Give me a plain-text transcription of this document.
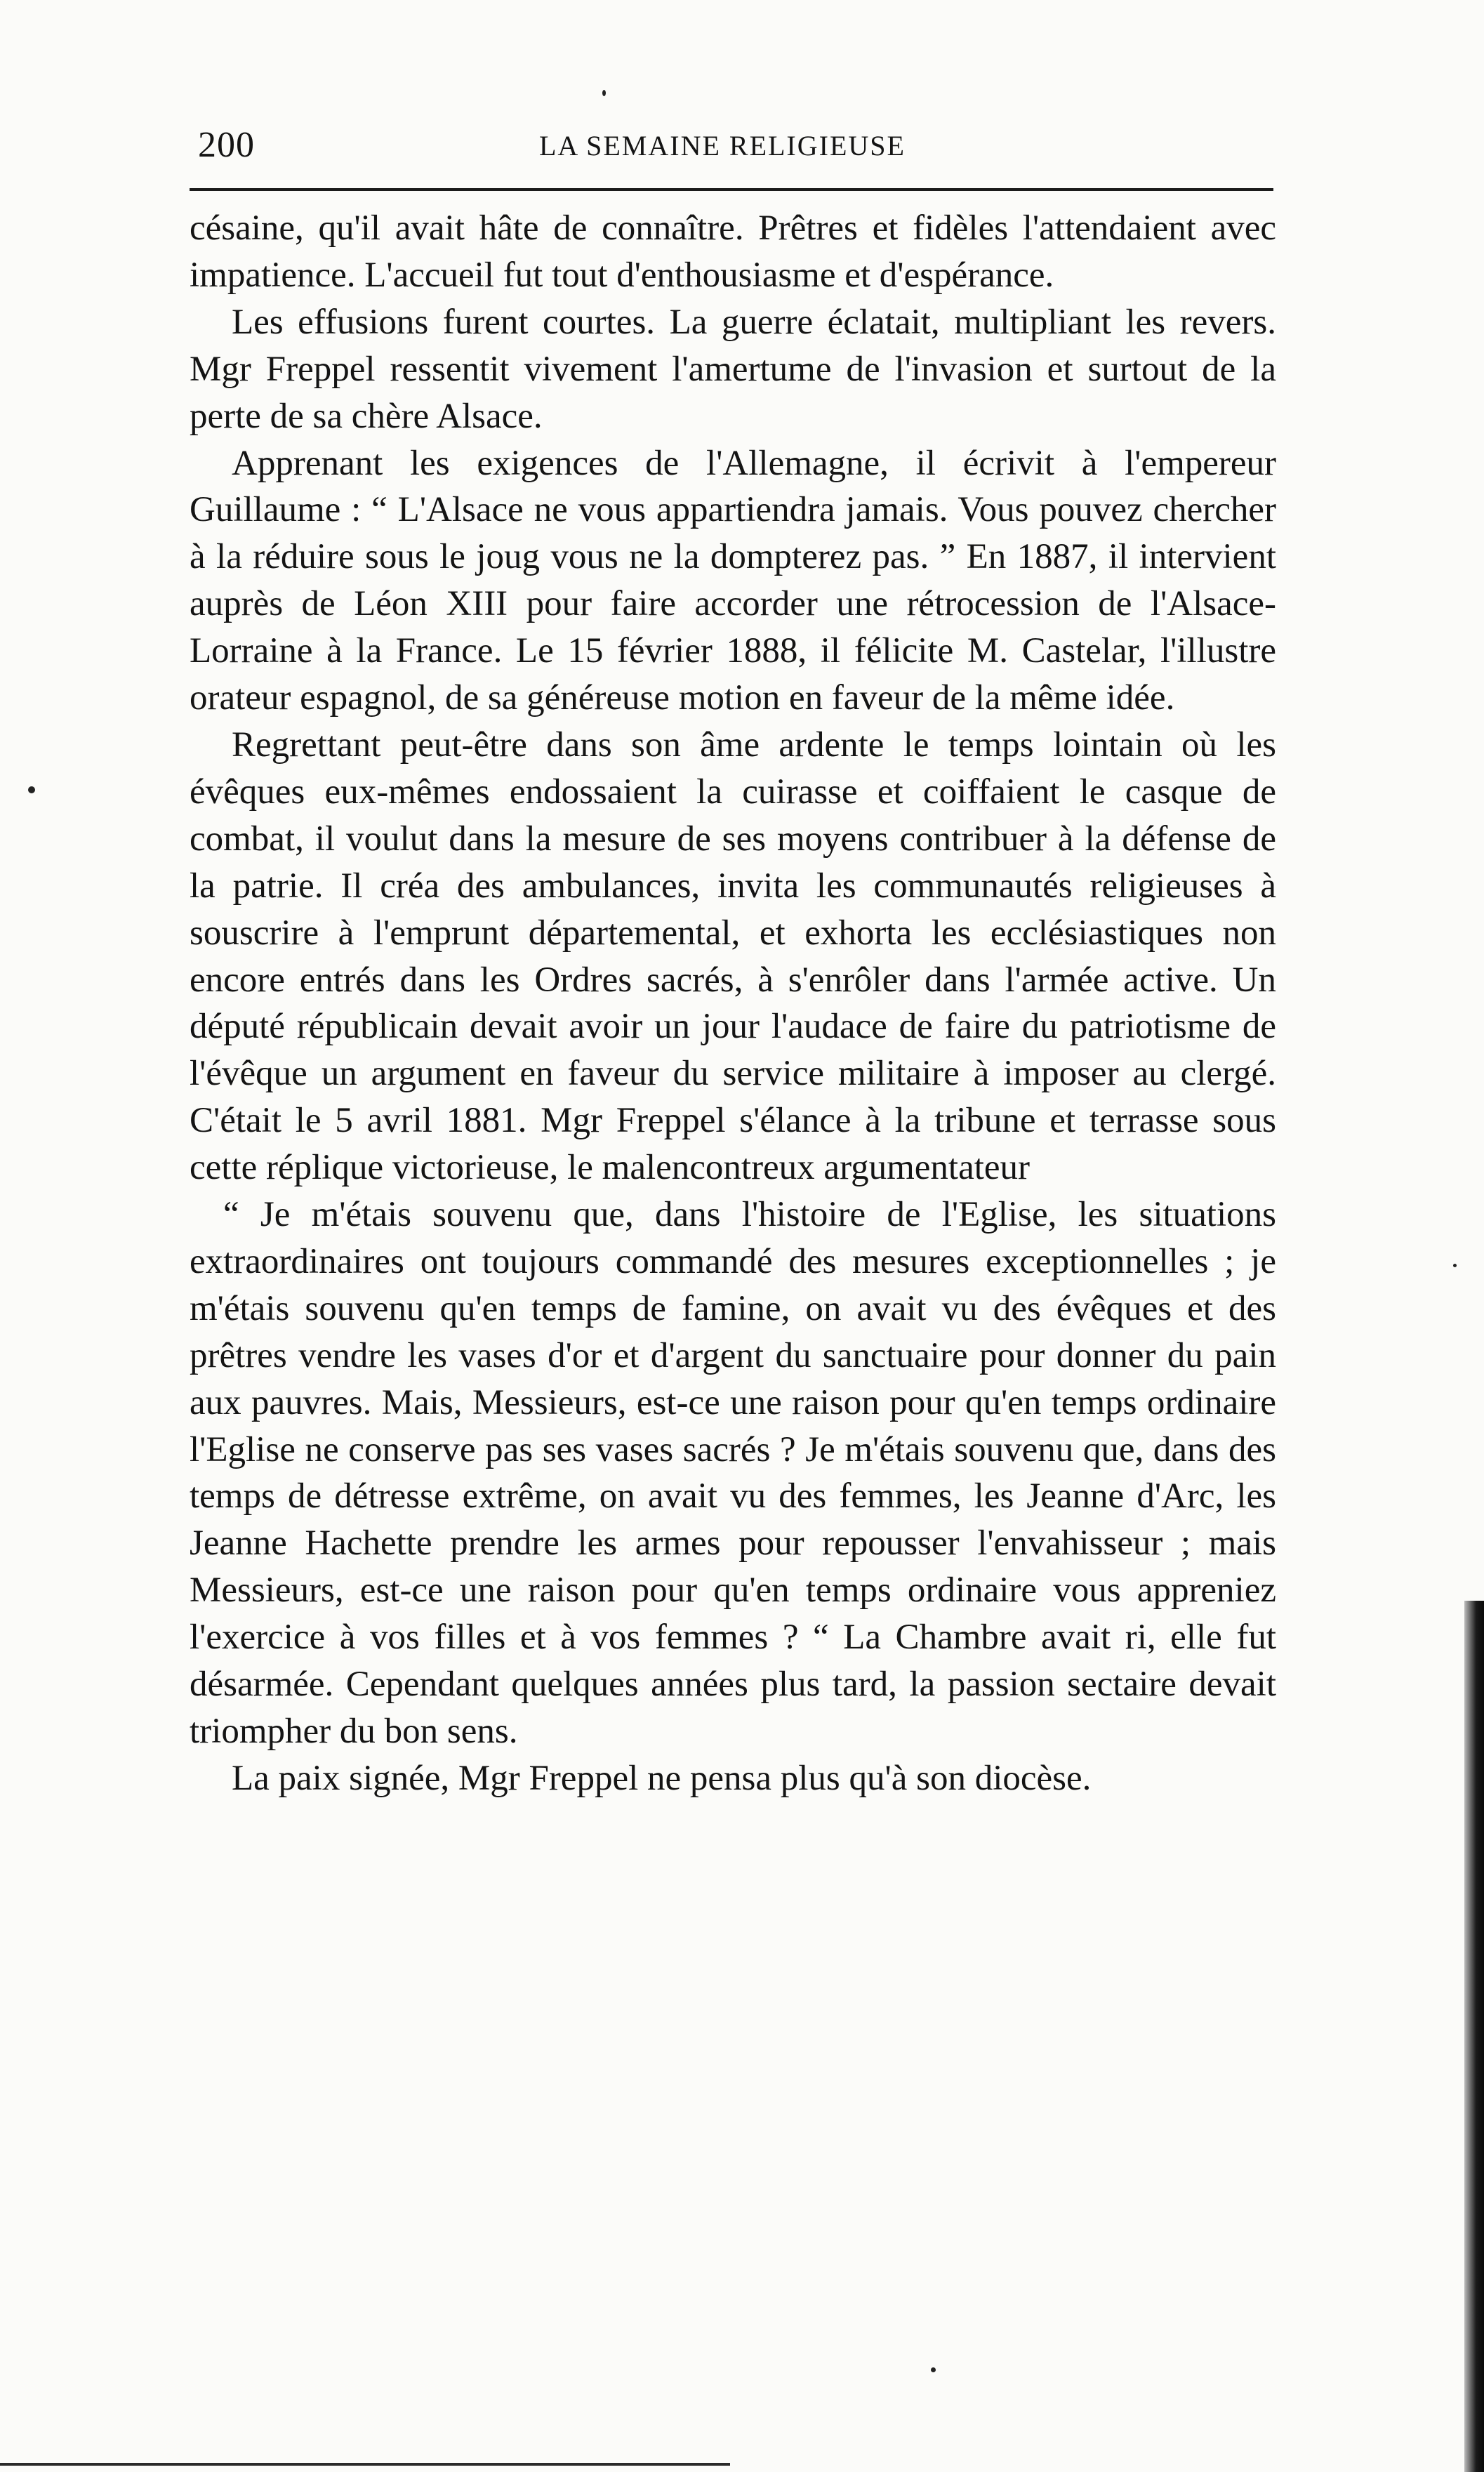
200	LA SEMAINE RELIGIEUSE

césaine, qu'il avait hâte de connaître. Prêtres et fidèles l'attendaient avec impatience. L'accueil fut tout d'enthousiasme et d'espérance.

Les effusions furent courtes. La guerre éclatait, multipliant les revers. Mgr Freppel ressentit vivement l'amertume de l'invasion et surtout de la perte de sa chère Alsace.

Apprenant les exigences de l'Allemagne, il écrivit à l'empereur Guillaume : “ L'Alsace ne vous appartiendra jamais. Vous pouvez chercher à la réduire sous le joug vous ne la dompterez pas. ” En 1887, il intervient auprès de Léon XIII pour faire accorder une rétrocession de l'Alsace-Lorraine à la France. Le 15 février 1888, il félicite M. Castelar, l'illustre orateur espagnol, de sa généreuse motion en faveur de la même idée.

Regrettant peut-être dans son âme ardente le temps lointain où les évêques eux-mêmes endossaient la cuirasse et coiffaient le casque de combat, il voulut dans la mesure de ses moyens contribuer à la défense de la patrie. Il créa des ambulances, invita les communautés religieuses à souscrire à l'emprunt départemental, et exhorta les ecclésiastiques non encore entrés dans les Ordres sacrés, à s'enrôler dans l'armée active. Un député républicain devait avoir un jour l'audace de faire du patriotisme de l'évêque un argument en faveur du service militaire à imposer au clergé. C'était le 5 avril 1881. Mgr Freppel s'élance à la tribune et terrasse sous cette réplique victorieuse, le malencontreux argumentateur

“ Je m'étais souvenu que, dans l'histoire de l'Eglise, les situations extraordinaires ont toujours commandé des mesures exceptionnelles ; je m'étais souvenu qu'en temps de famine, on avait vu des évêques et des prêtres vendre les vases d'or et d'argent du sanctuaire pour donner du pain aux pauvres. Mais, Messieurs, est-ce une raison pour qu'en temps ordinaire l'Eglise ne conserve pas ses vases sacrés ? Je m'étais souvenu que, dans des temps de détresse extrême, on avait vu des femmes, les Jeanne d'Arc, les Jeanne Hachette prendre les armes pour repousser l'envahisseur ; mais Messieurs, est-ce une raison pour qu'en temps ordinaire vous appreniez l'exercice à vos filles et à vos femmes ? “ La Chambre avait ri, elle fut désarmée. Cependant quelques années plus tard, la passion sectaire devait triompher du bon sens.

La paix signée, Mgr Freppel ne pensa plus qu'à son diocèse.
